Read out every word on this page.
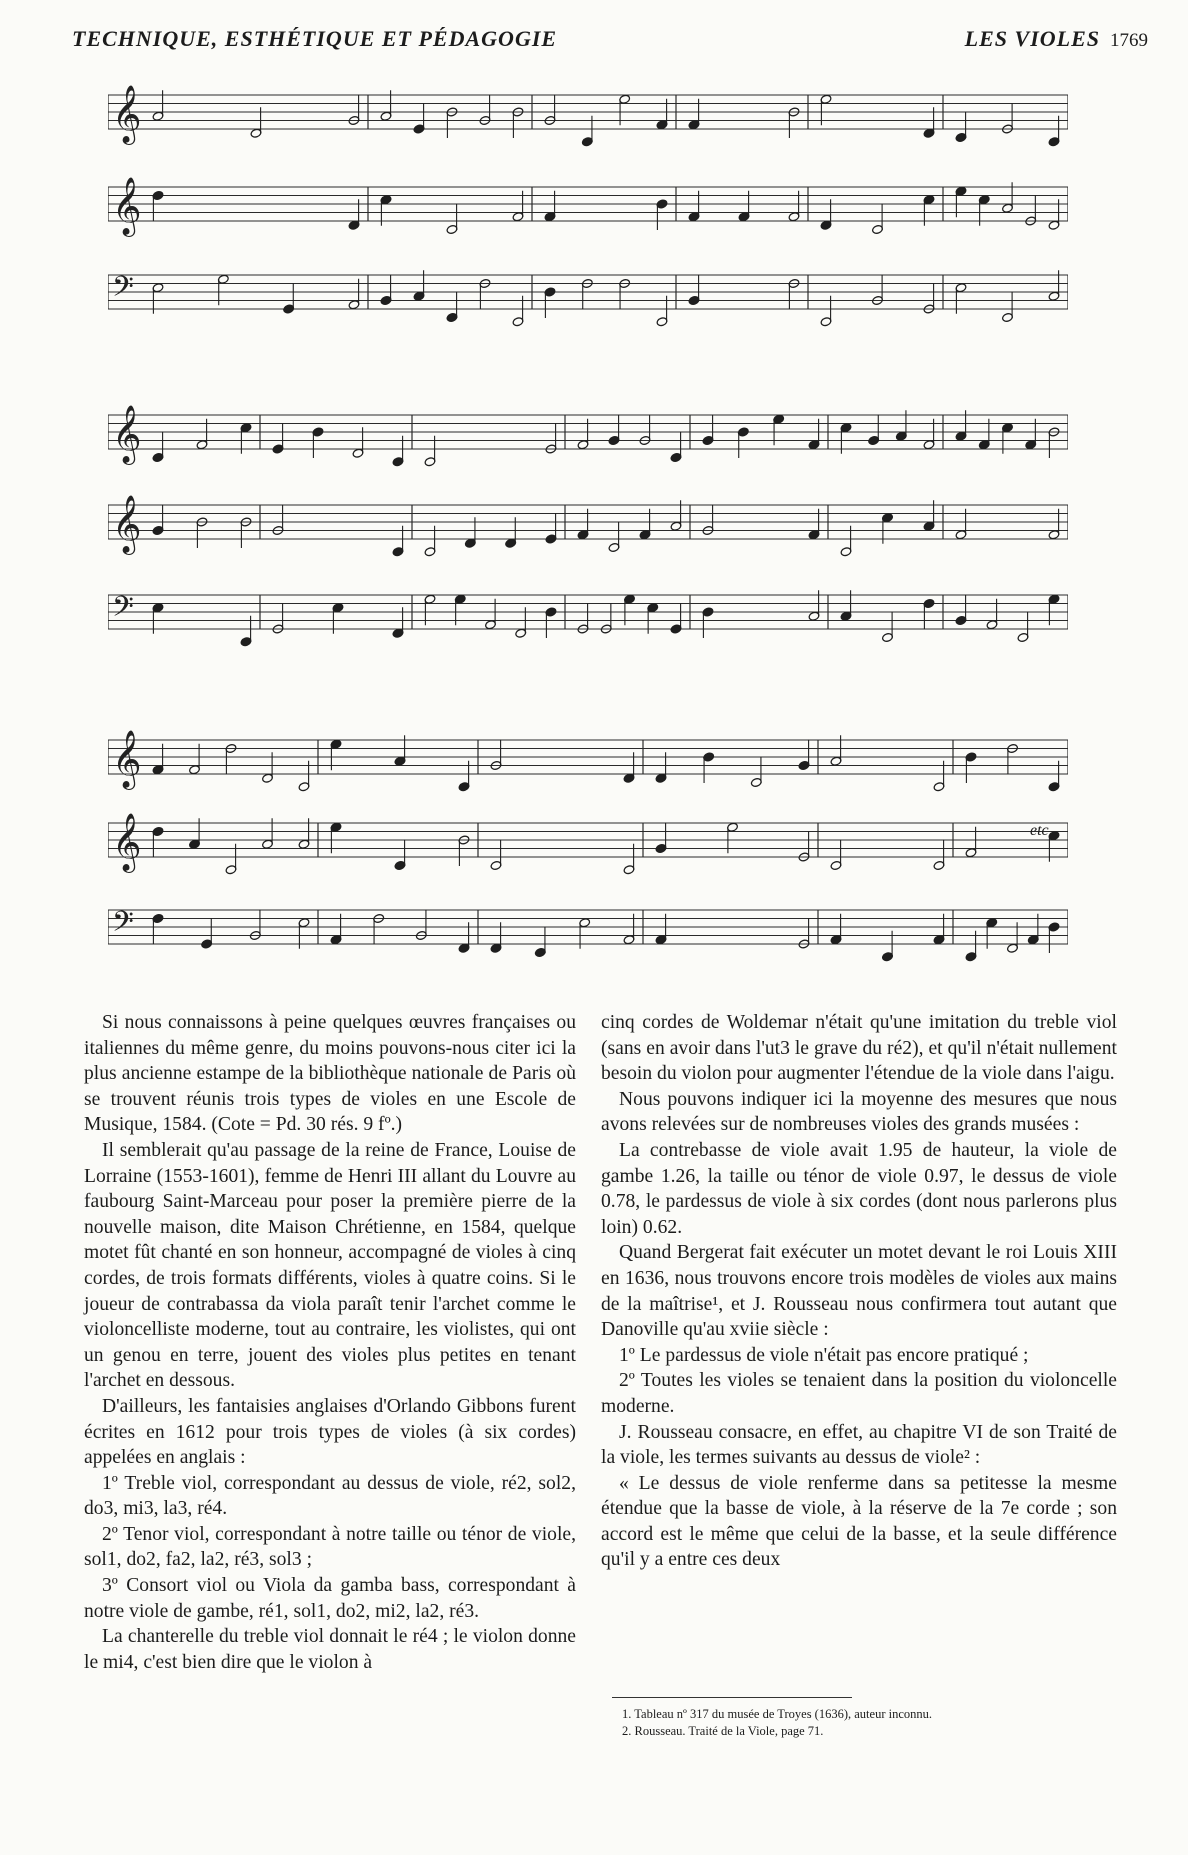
TECHNIQUE, ESTHÉTIQUE ET PÉDAGOGIE	LES VIOLES 1769
𝄞
𝄞
𝄢
𝄞
𝄞
𝄢
𝄞
𝄞
𝄢
etc

Si nous connaissons à peine quelques œuvres françaises ou italiennes du même genre, du moins pouvons-nous citer ici la plus ancienne estampe de la bibliothèque nationale de Paris où se trouvent réunis trois types de violes en une Escole de Musique, 1584. (Cote = Pd. 30 rés. 9 fº.)

Il semblerait qu'au passage de la reine de France, Louise de Lorraine (1553-1601), femme de Henri III allant du Louvre au faubourg Saint-Marceau pour poser la première pierre de la nouvelle maison, dite Maison Chrétienne, en 1584, quelque motet fût chanté en son honneur, accompagné de violes à cinq cordes, de trois formats différents, violes à quatre coins. Si le joueur de contrabassa da viola paraît tenir l'archet comme le violoncelliste moderne, tout au contraire, les violistes, qui ont un genou en terre, jouent des violes plus petites en tenant l'archet en dessous.

D'ailleurs, les fantaisies anglaises d'Orlando Gibbons furent écrites en 1612 pour trois types de violes (à six cordes) appelées en anglais :

1º Treble viol, correspondant au dessus de viole, ré2, sol2, do3, mi3, la3, ré4.

2º Tenor viol, correspondant à notre taille ou ténor de viole, sol1, do2, fa2, la2, ré3, sol3 ;

3º Consort viol ou Viola da gamba bass, correspondant à notre viole de gambe, ré1, sol1, do2, mi2, la2, ré3.

La chanterelle du treble viol donnait le ré4 ; le violon donne le mi4, c'est bien dire que le violon à

cinq cordes de Woldemar n'était qu'une imitation du treble viol (sans en avoir dans l'ut3 le grave du ré2), et qu'il n'était nullement besoin du violon pour augmenter l'étendue de la viole dans l'aigu.

Nous pouvons indiquer ici la moyenne des mesures que nous avons relevées sur de nombreuses violes des grands musées :

La contrebasse de viole avait 1.95 de hauteur, la viole de gambe 1.26, la taille ou ténor de viole 0.97, le dessus de viole 0.78, le pardessus de viole à six cordes (dont nous parlerons plus loin) 0.62.

Quand Bergerat fait exécuter un motet devant le roi Louis XIII en 1636, nous trouvons encore trois modèles de violes aux mains de la maîtrise¹, et J. Rousseau nous confirmera tout autant que Danoville qu'au xviie siècle :

1º Le pardessus de viole n'était pas encore pratiqué ;

2º Toutes les violes se tenaient dans la position du violoncelle moderne.

J. Rousseau consacre, en effet, au chapitre VI de son Traité de la viole, les termes suivants au dessus de viole² :

« Le dessus de viole renferme dans sa petitesse la mesme étendue que la basse de viole, à la réserve de la 7e corde ; son accord est le même que celui de la basse, et la seule différence qu'il y a entre ces deux

1. Tableau nº 317 du musée de Troyes (1636), auteur inconnu.

2. Rousseau. Traité de la Viole, page 71.
